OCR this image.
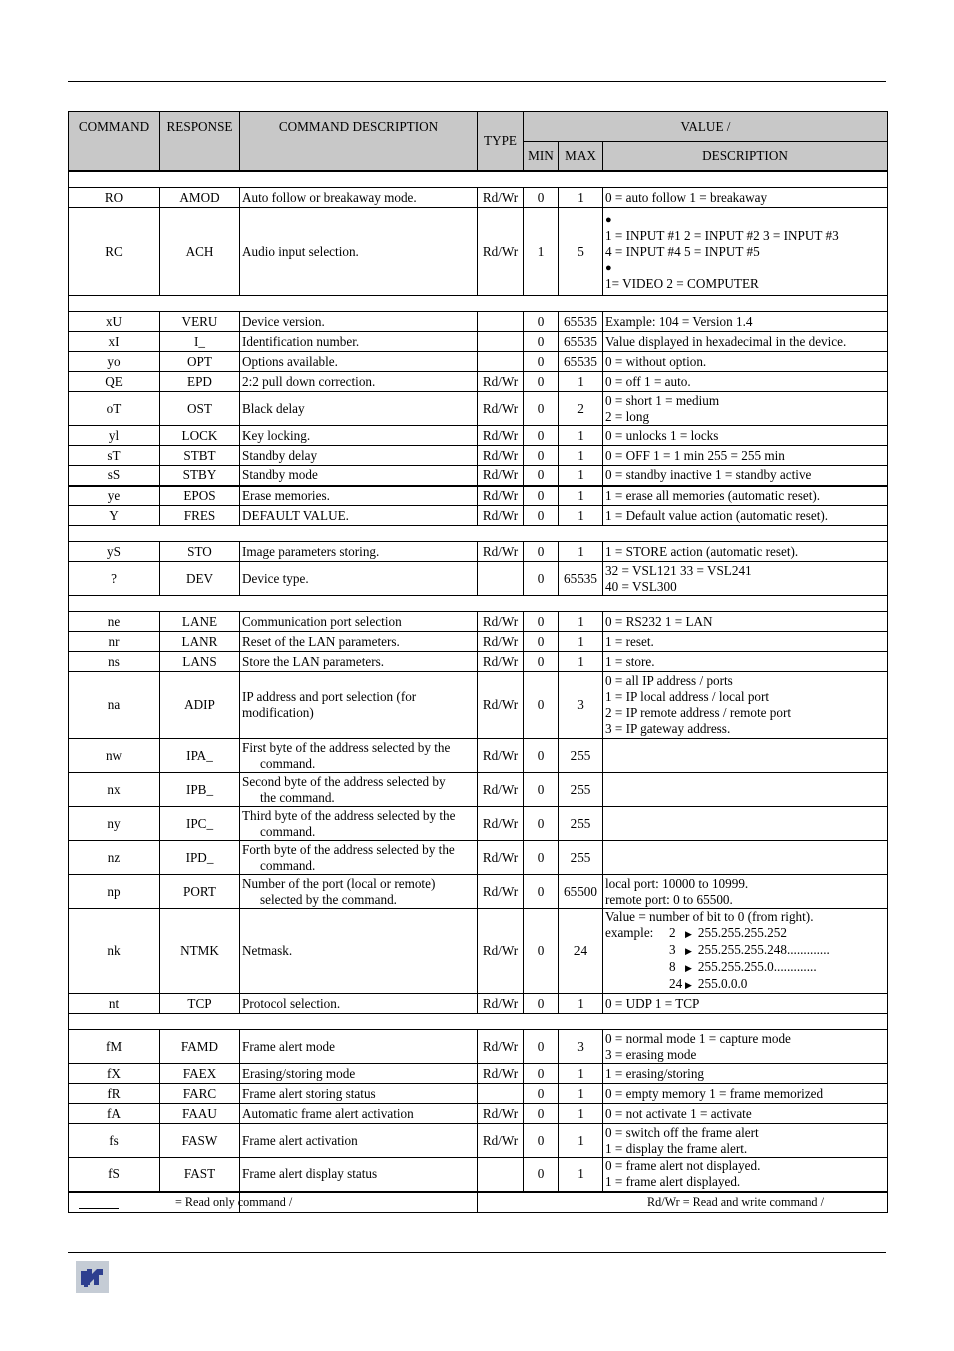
COMMAND	RESPONSE	COMMAND DESCRIPTION	TYPE	VALUE /		
				MIN	MAX	DESCRIPTION

RO	AMOD	Auto follow or breakaway mode.	Rd/Wr	0	1	0 = auto follow 1 = breakaway

RC	ACH	Audio input selection.	Rd/Wr	1	5	●
1 = INPUT #1 2 = INPUT #2 3 = INPUT #3
4 = INPUT #4 5 = INPUT #5
●
1= VIDEO 2 = COMPUTER

xU	VERU	Device version.		0	65535	Example: 104 = Version 1.4

xI	I_	Identification number.		0	65535	Value displayed in hexadecimal in the device.

yo	OPT	Options available.		0	65535	0 = without option.

QE	EPD	2:2 pull down correction.	Rd/Wr	0	1	0 = off 1 = auto.

oT	OST	Black delay	Rd/Wr	0	2	0 = short 1 = medium
2 = long

yl	LOCK	Key locking.	Rd/Wr	0	1	0 = unlocks 1 = locks

sT	STBT	Standby delay	Rd/Wr	0	1	0 = OFF 1 = 1 min 255 = 255 min

sS	STBY	Standby mode	Rd/Wr	0	1	0 = standby inactive 1 = standby active

ye	EPOS	Erase memories.	Rd/Wr	0	1	1 = erase all memories (automatic reset).

Y	FRES	DEFAULT VALUE.	Rd/Wr	0	1	1 = Default value action (automatic reset).

yS	STO	Image parameters storing.	Rd/Wr	0	1	1 = STORE action (automatic reset).

?	DEV	Device type.		0	65535	32 = VSL121 33 = VSL241
40 = VSL300

ne	LANE	Communication port selection	Rd/Wr	0	1	0 = RS232 1 = LAN

nr	LANR	Reset of the LAN parameters.	Rd/Wr	0	1	1 = reset.

ns	LANS	Store the LAN parameters.	Rd/Wr	0	1	1 = store.

na	ADIP	IP address and port selection (for modification)	Rd/Wr	0	3	0 = all IP address / ports
1 = IP local address / local port
2 = IP remote address / remote port
3 = IP gateway address.

nw	IPA_	First byte of the address selected by the
command.	Rd/Wr	0	255	
nx	IPB_	Second byte of the address selected by
the command.	Rd/Wr	0	255	
ny	IPC_	Third byte of the address selected by the
command.	Rd/Wr	0	255	
nz	IPD_	Forth byte of the address selected by the
command.	Rd/Wr	0	255	
np	PORT	Number of the port (local or remote)
selected by the command.	Rd/Wr	0	65500	local port: 10000 to 10999.
remote port: 0 to 65500.

nk	NTMK	Netmask.	Rd/Wr	0	24	Value = number of bit to 0 (from right).
example: 2 ▶ 255.255.255.252
3 ▶ 255.255.255.248.............
8 ▶ 255.255.255.0.............
24 ▶ 255.0.0.0

nt	TCP	Protocol selection.	Rd/Wr	0	1	0 = UDP 1 = TCP

fM	FAMD	Frame alert mode	Rd/Wr	0	3	0 = normal mode 1 = capture mode
3 = erasing mode

fX	FAEX	Erasing/storing mode	Rd/Wr	0	1	1 = erasing/storing

fR	FARC	Frame alert storing status		0	1	0 = empty memory 1 = frame memorized

fA	FAAU	Automatic frame alert activation	Rd/Wr	0	1	0 = not activate 1 = activate

fs	FASW	Frame alert activation	Rd/Wr	0	1	0 = switch off the frame alert
1 = display the frame alert.

fS	FAST	Frame alert display status		0	1	0 = frame alert not displayed.
1 = frame alert displayed.

= Read only command /			Rd/Wr = Read and write command /			
